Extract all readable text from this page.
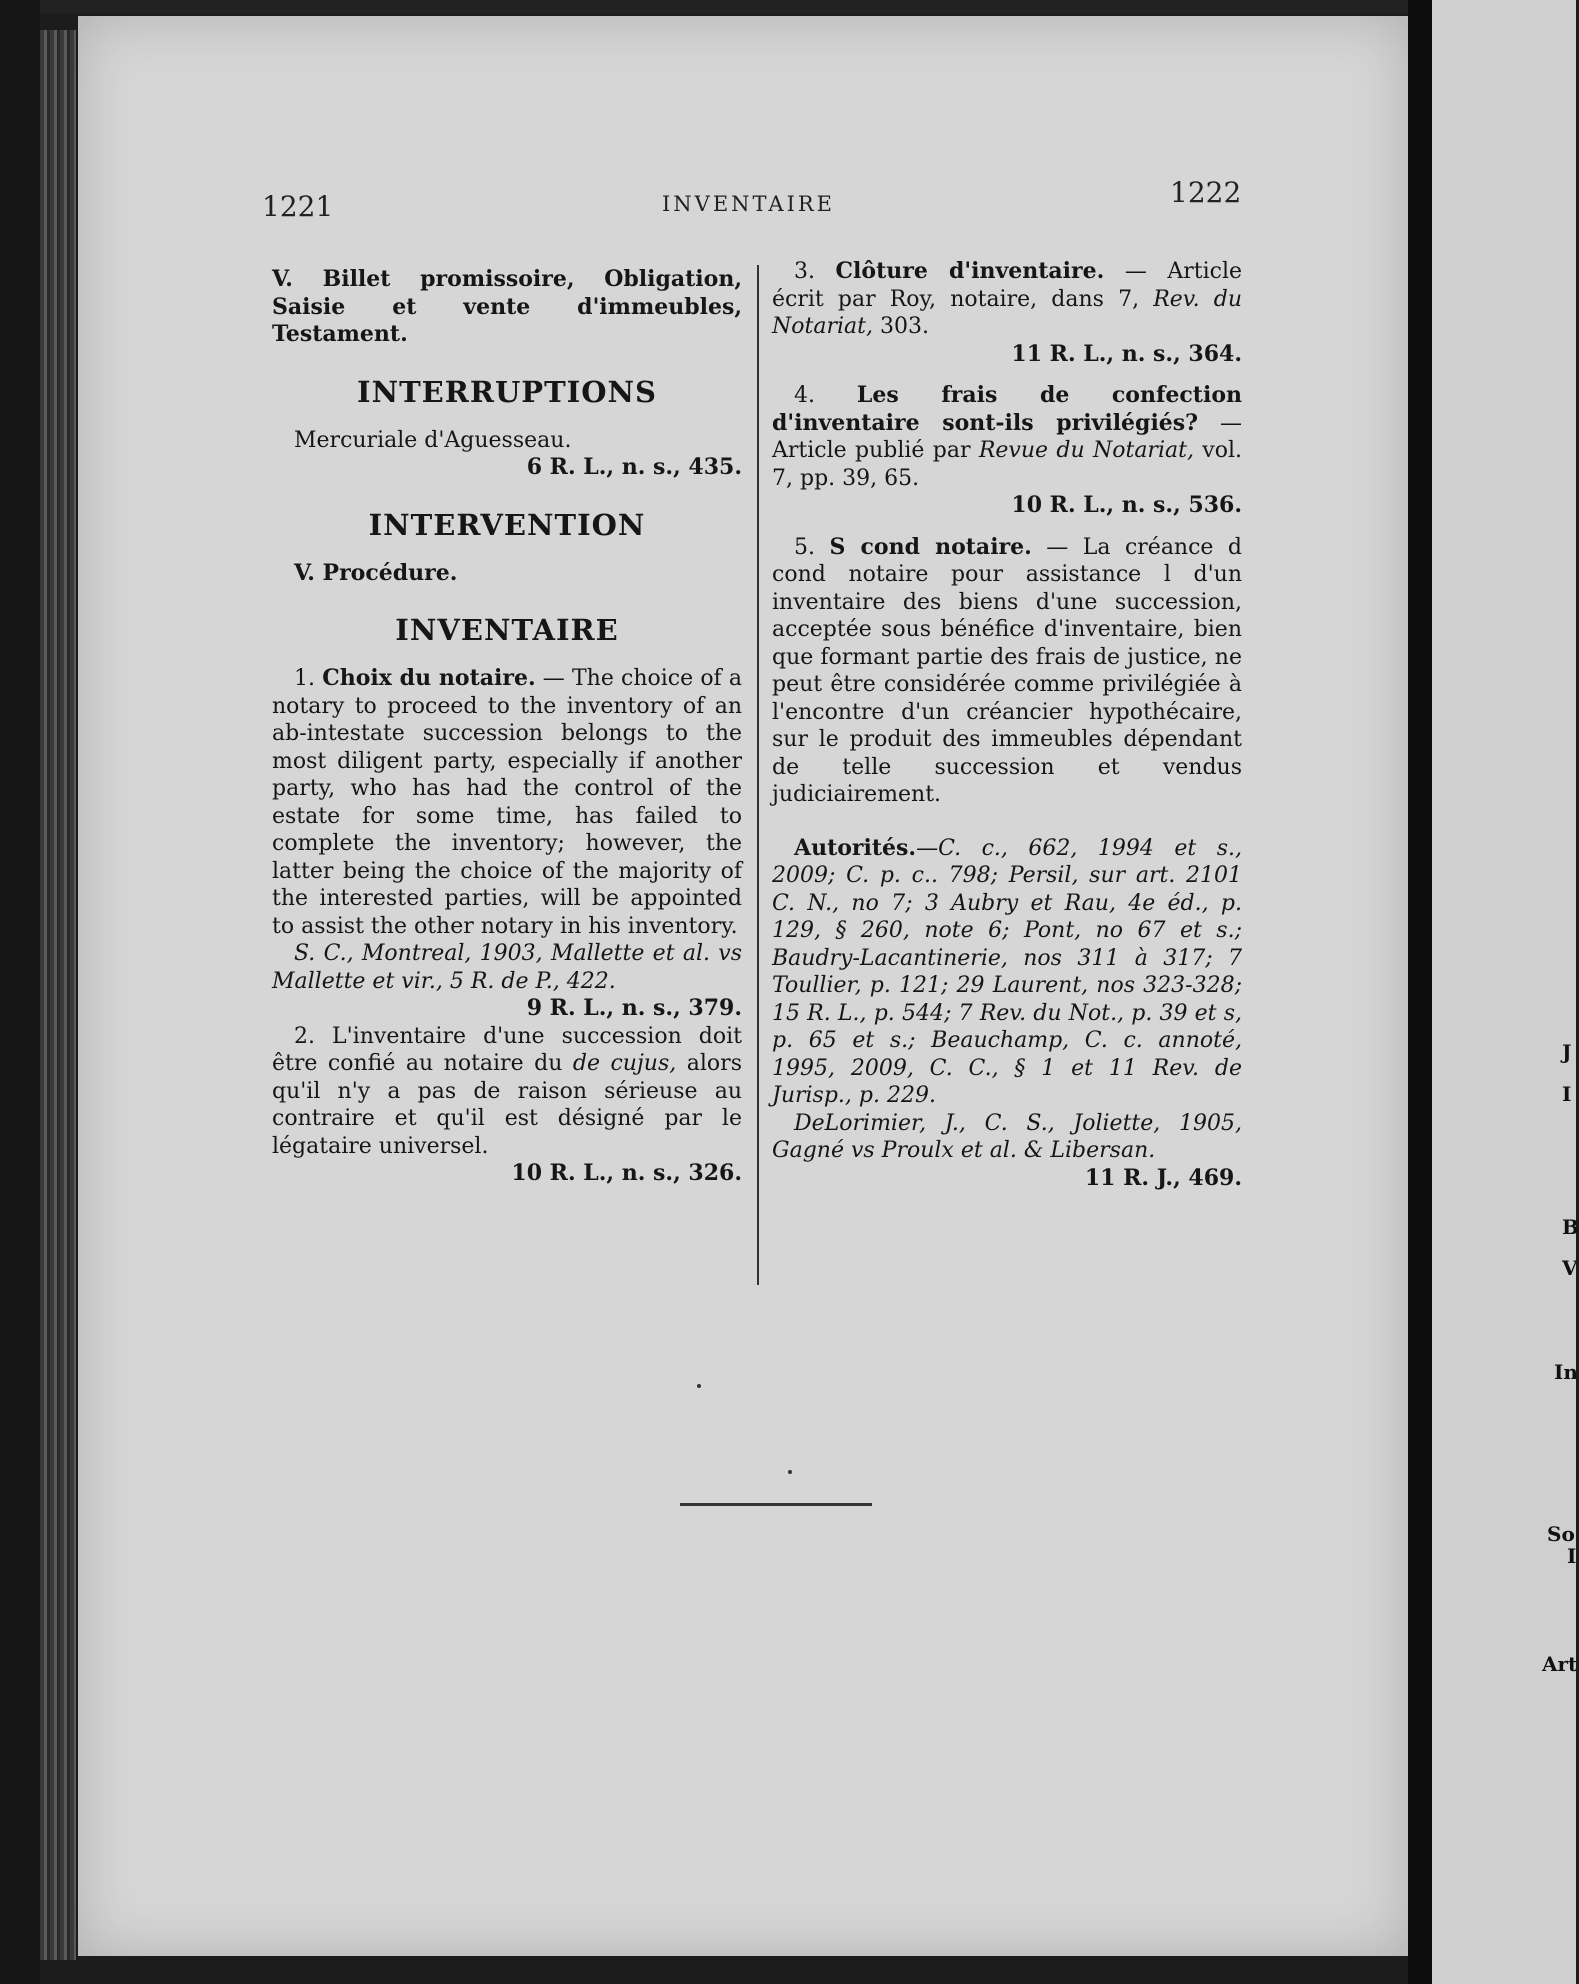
J
I
B
V
In
So
I
Art
1221	INVENTAIRE	1222

V. Billet promissoire, Obligation, Saisie et vente d'immeubles, Testament.

INTERRUPTIONS

Mercuriale d'Aguesseau.

6 R. L., n. s., 435.

INTERVENTION

V. Procédure.

INVENTAIRE

1. Choix du notaire. — The choice of a notary to proceed to the inventory of an ab-intestate succession belongs to the most diligent party, especially if another party, who has had the control of the estate for some time, has failed to complete the inventory; however, the latter being the choice of the majority of the interested parties, will be appointed to assist the other notary in his inventory.

S. C., Montreal, 1903, Mallette et al. vs Mallette et vir., 5 R. de P., 422.

9 R. L., n. s., 379.

2. L'inventaire d'une succession doit être confié au notaire du de cujus, alors qu'il n'y a pas de raison sérieuse au contraire et qu'il est désigné par le légataire universel.

10 R. L., n. s., 326.

3. Clôture d'inventaire. — Article écrit par Roy, notaire, dans 7, Rev. du Notariat, 303.

11 R. L., n. s., 364.

4. Les frais de confection d'inventaire sont-ils privilégiés? — Article publié par Revue du Notariat, vol. 7, pp. 39, 65.

10 R. L., n. s., 536.

5. S cond notaire. — La créance d cond notaire pour assistance l d'un inventaire des biens d'une succession, acceptée sous bénéfice d'inventaire, bien que formant partie des frais de justice, ne peut être considérée comme privilégiée à l'encontre d'un créancier hypothécaire, sur le produit des immeubles dépendant de telle succession et vendus judiciairement.

Autorités.—C. c., 662, 1994 et s., 2009; C. p. c.. 798; Persil, sur art. 2101 C. N., no 7; 3 Aubry et Rau, 4e éd., p. 129, § 260, note 6; Pont, no 67 et s.; Baudry-Lacantinerie, nos 311 à 317; 7 Toullier, p. 121; 29 Laurent, nos 323-328; 15 R. L., p. 544; 7 Rev. du Not., p. 39 et s, p. 65 et s.; Beauchamp, C. c. annoté, 1995, 2009, C. C., § 1 et 11 Rev. de Jurisp., p. 229.

DeLorimier, J., C. S., Joliette, 1905, Gagné vs Proulx et al. & Libersan.

11 R. J., 469.
